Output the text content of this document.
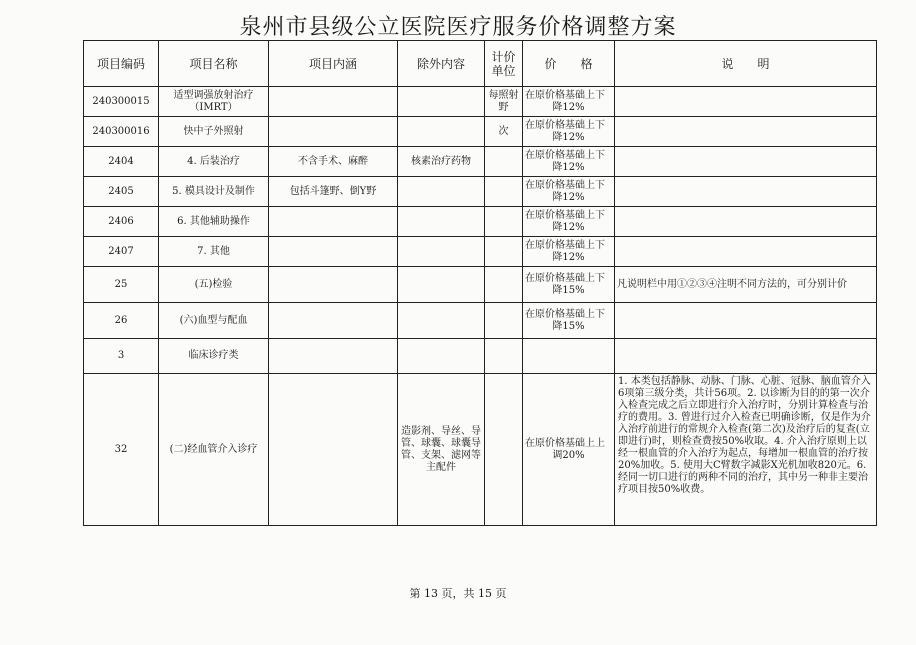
泉州市县级公立医院医疗服务价格调整方案
项目编码	项目名称	项目内涵	除外内容	计价单位	价　　格	说　　明
240300015	适型调强放射治疗（IMRT）			每照射野	在原价格基础上下
降12%	

240300016	快中子外照射			次	在原价格基础上下
降12%	

2404	4. 后装治疗	不含手术、麻醉	核素治疗药物		在原价格基础上下
降12%	

2405	5. 模具设计及制作	包括斗篷野、倒Y野			在原价格基础上下
降12%	

2406	6. 其他辅助操作				在原价格基础上下
降12%	

2407	7. 其他				在原价格基础上下
降12%	

25	(五)检验				在原价格基础上下
降15%	凡说明栏中用①②③④注明不同方法的，可分别计价
26	(六)血型与配血				在原价格基础上下
降15%	

3	临床诊疗类				

32	(二)经血管介入诊疗		造影剂、导丝、导管、球囊、球囊导管、支架、滤网等主配件		在原价格基础上上
调20%	1. 本类包括静脉、动脉、门脉、心脏、冠脉、脑血管介入6项第三级分类，共计56项。2. 以诊断为目的的第一次介入检查完成之后立即进行介入治疗时，分别计算检查与治疗的费用。3. 曾进行过介入检查已明确诊断，仅是作为介入治疗前进行的常规介入检查(第二次)及治疗后的复查(立即进行)时，则检查费按50%收取。4. 介入治疗原则上以经一根血管的介入治疗为起点，每增加一根血管的治疗按20%加收。5. 使用大C臂数字减影X光机加收820元。6. 经同一切口进行的两种不同的治疗，其中另一种非主要治疗项目按50%收费。
第 13 页，共 15 页
